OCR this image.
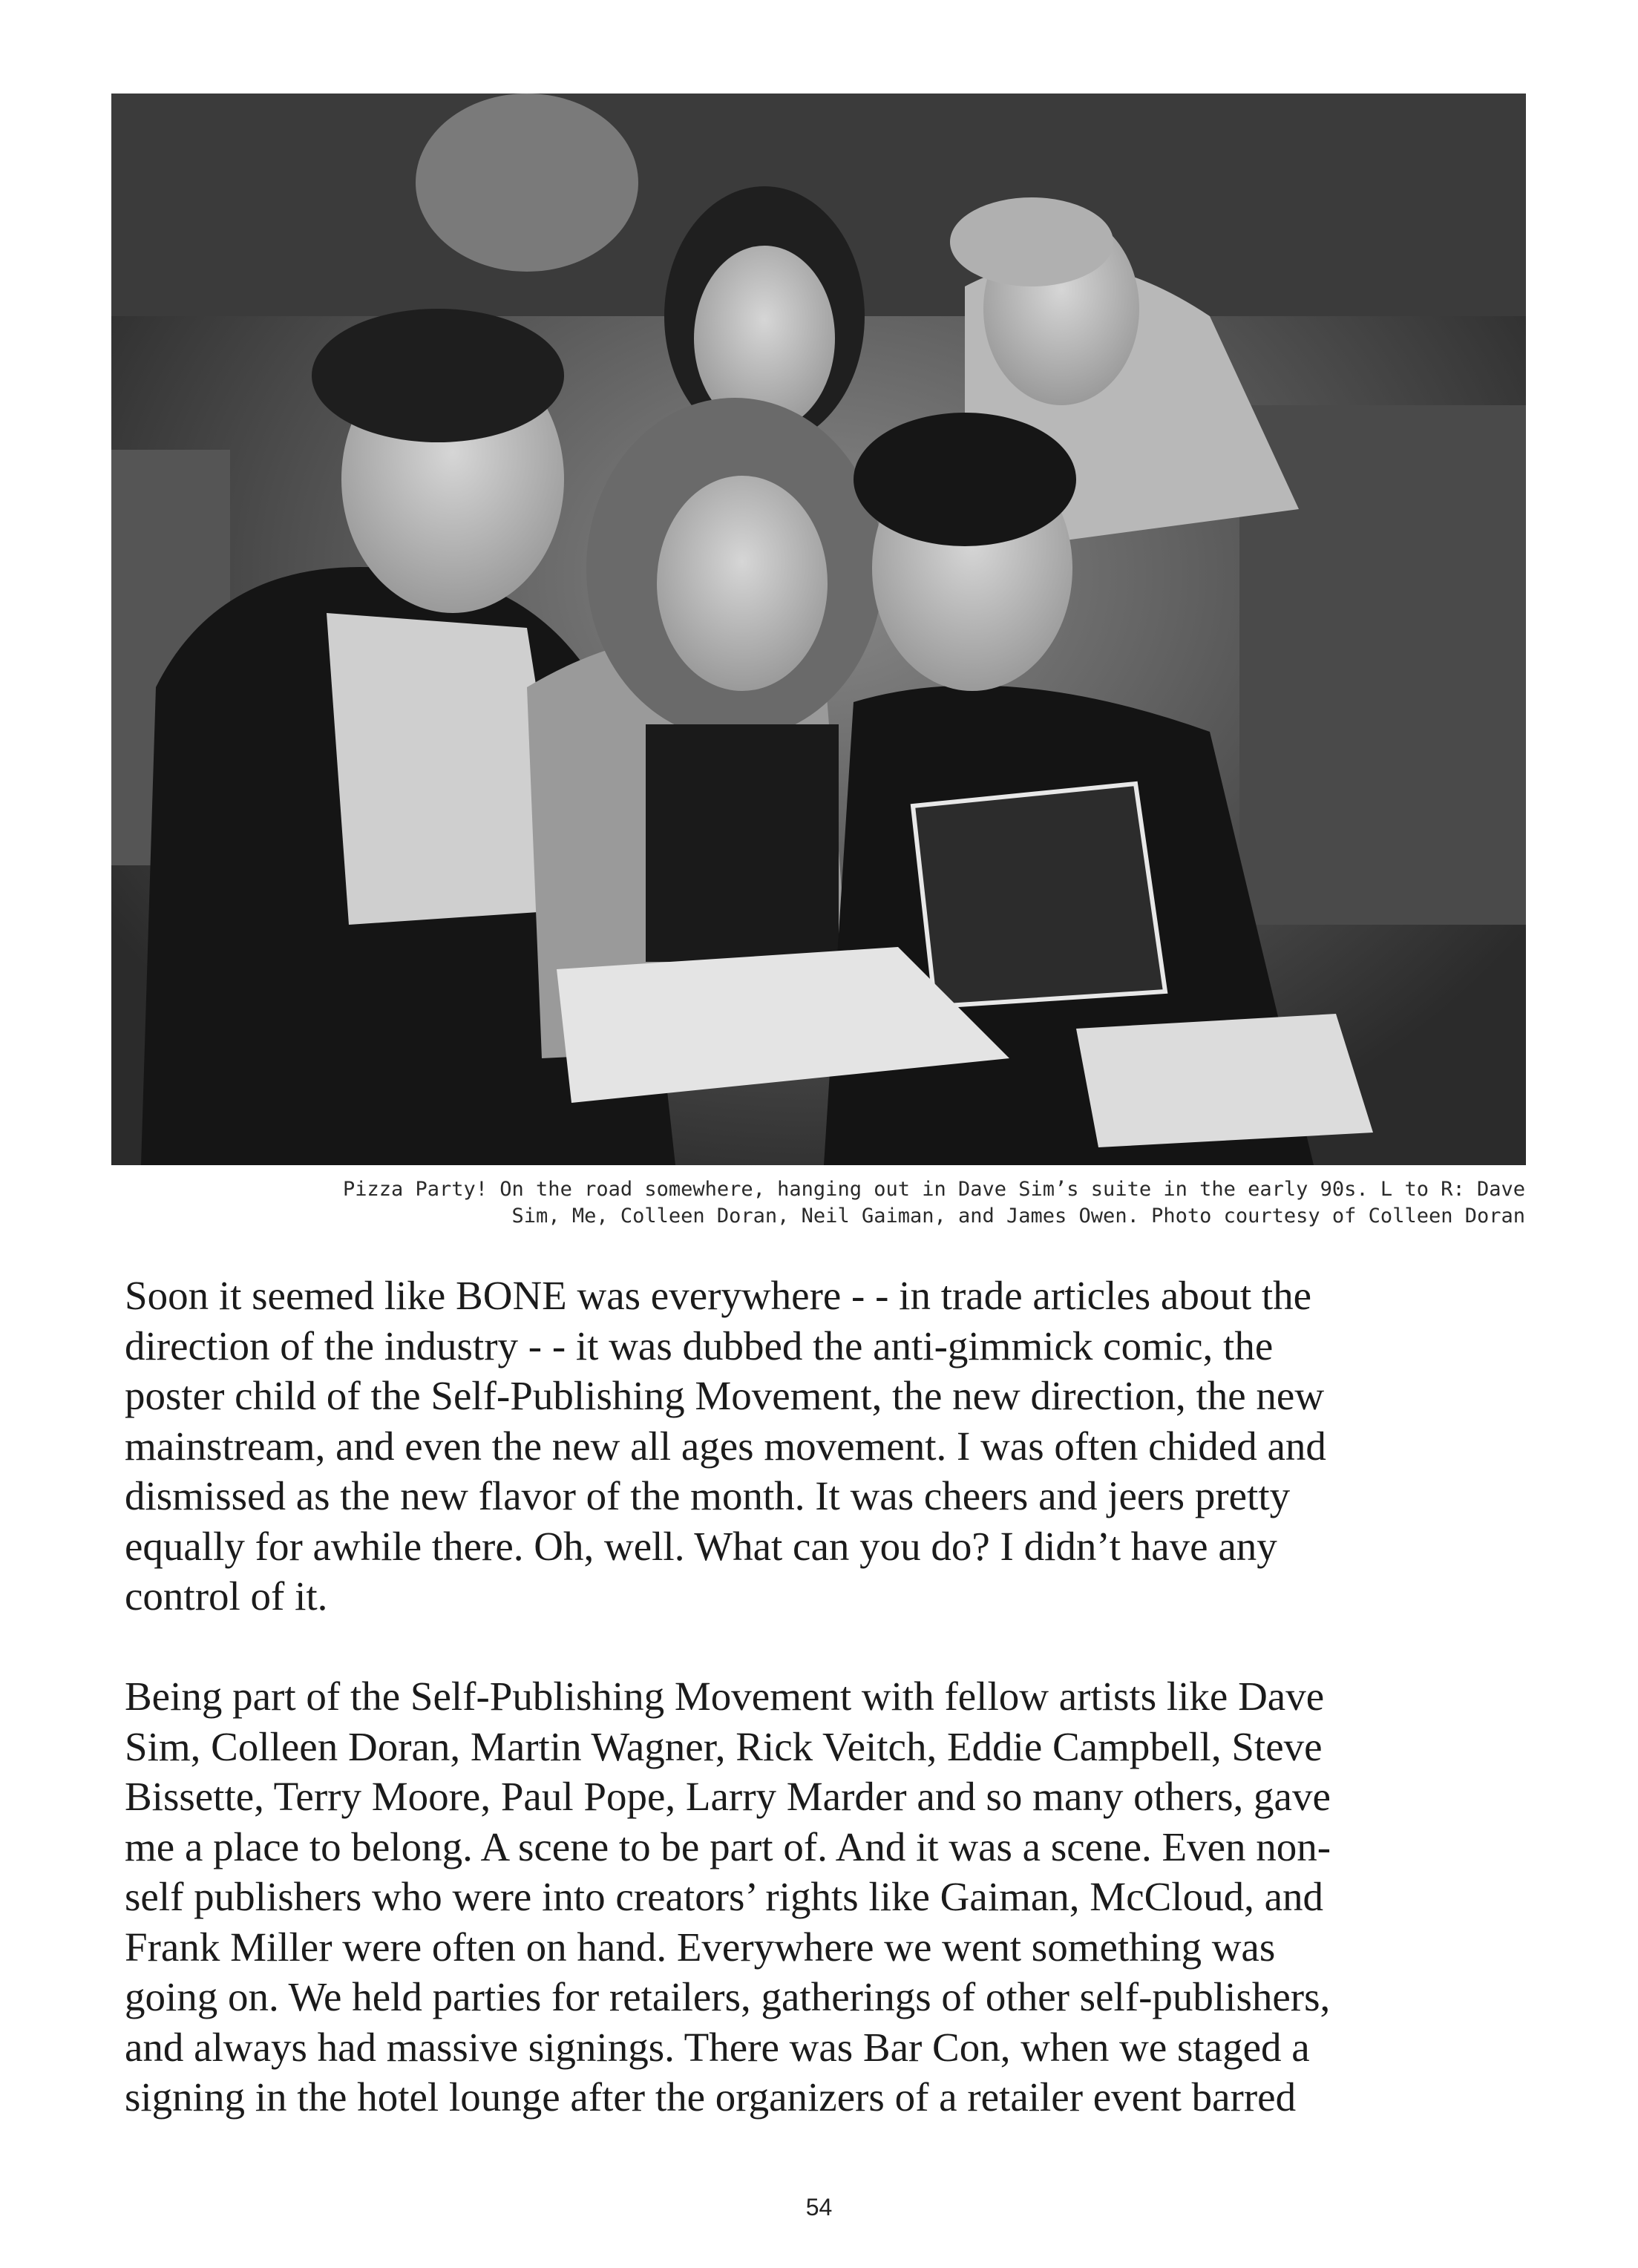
Pizza Party! On the road somewhere, hanging out in Dave Sim’s suite in the early 90s. L to R: Dave
Sim, Me, Colleen Doran, Neil Gaiman, and James Owen. Photo courtesy of Colleen Doran

Soon it seemed like BONE was everywhere - - in trade articles about the
direction of the industry - - it was dubbed the anti-gimmick comic, the
poster child of the Self-Publishing Movement, the new direction, the new
mainstream, and even the new all ages movement. I was often chided and
dismissed as the new flavor of the month. It was cheers and jeers pretty
equally for awhile there. Oh, well. What can you do? I didn’t have any
control of it.

Being part of the Self-Publishing Movement with fellow artists like Dave
Sim, Colleen Doran, Martin Wagner, Rick Veitch, Eddie Campbell, Steve
Bissette, Terry Moore, Paul Pope, Larry Marder and so many others, gave
me a place to belong. A scene to be part of. And it was a scene. Even non-
self publishers who were into creators’ rights like Gaiman, McCloud, and
Frank Miller were often on hand. Everywhere we went something was
going on. We held parties for retailers, gatherings of other self-publishers,
and always had massive signings. There was Bar Con, when we staged a
signing in the hotel lounge after the organizers of a retailer event barred

54
